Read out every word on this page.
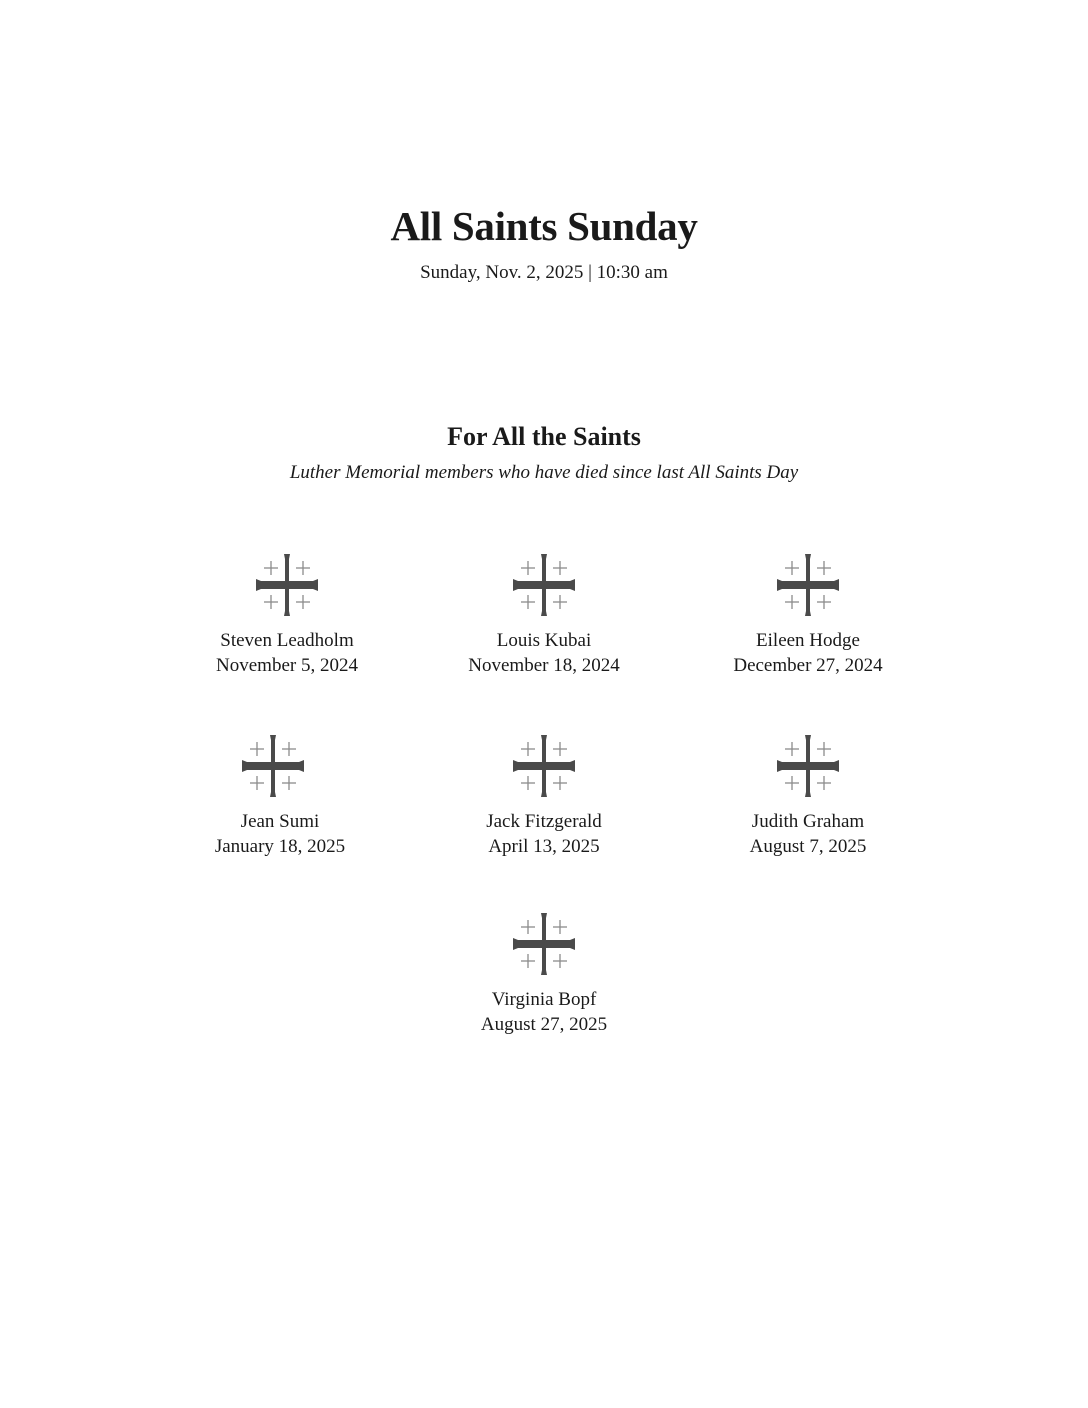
All Saints Sunday

Sunday, Nov. 2, 2025 | 10:30 am

For All the Saints

Luther Memorial members who have died since last All Saints Day

Steven Leadholm
November 5, 2024
Louis Kubai
November 18, 2024
Eileen Hodge
December 27, 2024
Jean Sumi
January 18, 2025
Jack Fitzgerald
April 13, 2025
Judith Graham
August 7, 2025
Virginia Bopf
August 27, 2025
